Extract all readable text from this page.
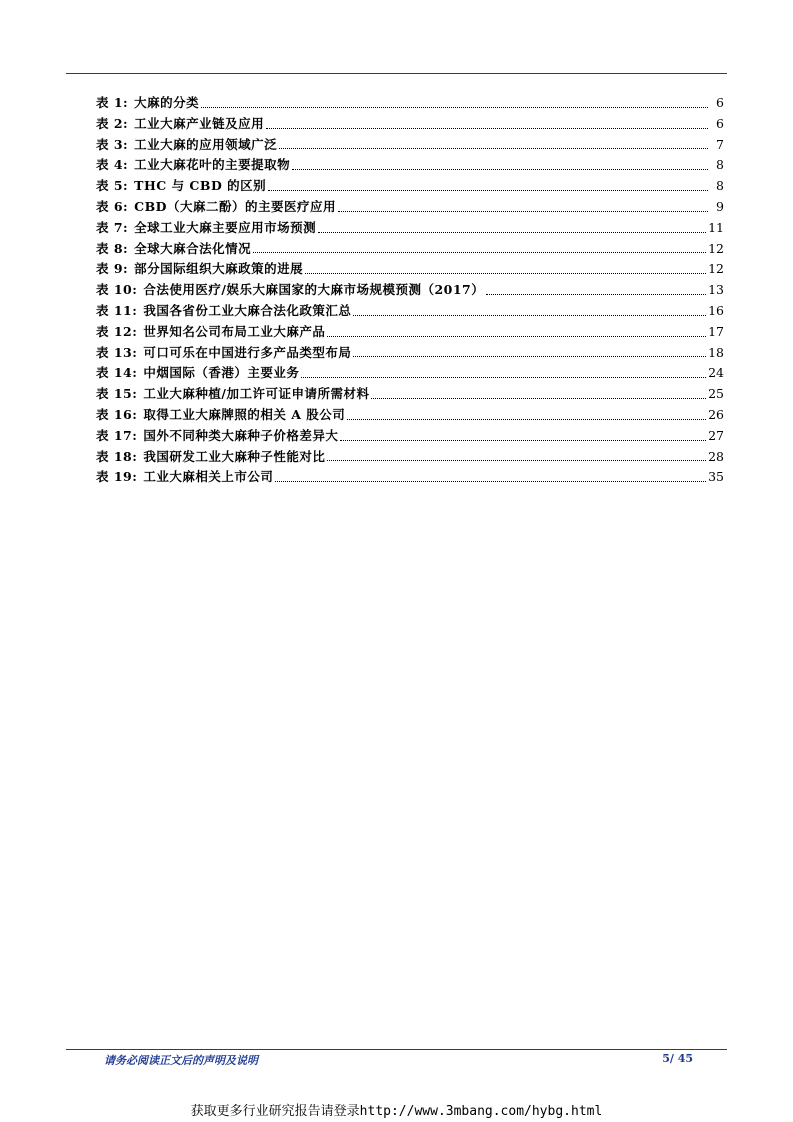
表 1: 大麻的分类	6
表 2: 工业大麻产业链及应用	6
表 3: 工业大麻的应用领域广泛	7
表 4: 工业大麻花叶的主要提取物	8
表 5: THC 与 CBD 的区别	8
表 6: CBD（大麻二酚）的主要医疗应用	9
表 7: 全球工业大麻主要应用市场预测	11
表 8: 全球大麻合法化情况	12
表 9: 部分国际组织大麻政策的进展	12
表 10: 合法使用医疗/娱乐大麻国家的大麻市场规模预测（2017）	13
表 11: 我国各省份工业大麻合法化政策汇总	16
表 12: 世界知名公司布局工业大麻产品	17
表 13: 可口可乐在中国进行多产品类型布局	18
表 14: 中烟国际（香港）主要业务	24
表 15: 工业大麻种植/加工许可证申请所需材料	25
表 16: 取得工业大麻牌照的相关 A 股公司	26
表 17: 国外不同种类大麻种子价格差异大	27
表 18: 我国研发工业大麻种子性能对比	28
表 19: 工业大麻相关上市公司	35
请务必阅读正文后的声明及说明	5/ 45
获取更多行业研究报告请登录http://www.3mbang.com/hybg.html
